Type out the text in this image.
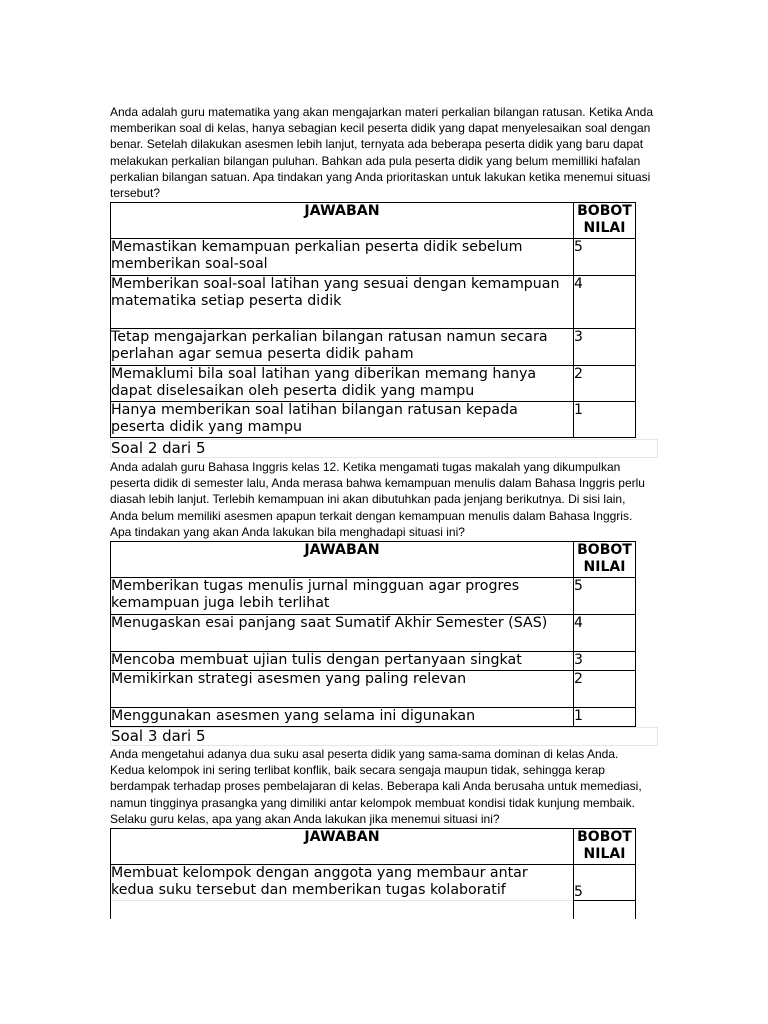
Anda adalah guru matematika yang akan mengajarkan materi perkalian bilangan ratusan. Ketika Anda memberikan soal di kelas, hanya sebagian kecil peserta didik yang dapat menyelesaikan soal dengan benar. Setelah dilakukan asesmen lebih lanjut, ternyata ada beberapa peserta didik yang baru dapat melakukan perkalian bilangan puluhan. Bahkan ada pula peserta didik yang belum memilliki hafalan perkalian bilangan satuan. Apa tindakan yang Anda prioritaskan untuk lakukan ketika menemui situasi tersebut?

JAWABAN	BOBOT NILAI
Memastikan kemampuan perkalian peserta didik sebelum memberikan soal-soal	5
Memberikan soal-soal latihan yang sesuai dengan kemampuan matematika setiap peserta didik	4
Tetap mengajarkan perkalian bilangan ratusan namun secara perlahan agar semua peserta didik paham	3
Memaklumi bila soal latihan yang diberikan memang hanya dapat diselesaikan oleh peserta didik yang mampu	2
Hanya memberikan soal latihan bilangan ratusan kepada peserta didik yang mampu	1
Soal 2 dari 5

Anda adalah guru Bahasa Inggris kelas 12. Ketika mengamati tugas makalah yang dikumpulkan peserta didik di semester lalu, Anda merasa bahwa kemampuan menulis dalam Bahasa Inggris perlu diasah lebih lanjut. Terlebih kemampuan ini akan dibutuhkan pada jenjang berikutnya. Di sisi lain, Anda belum memiliki asesmen apapun terkait dengan kemampuan menulis dalam Bahasa Inggris. Apa tindakan yang akan Anda lakukan bila menghadapi situasi ini?

JAWABAN	BOBOT NILAI
Memberikan tugas menulis jurnal mingguan agar progres kemampuan juga lebih terlihat	5
Menugaskan esai panjang saat Sumatif Akhir Semester (SAS)	4
Mencoba membuat ujian tulis dengan pertanyaan singkat	3
Memikirkan strategi asesmen yang paling relevan	2
Menggunakan asesmen yang selama ini digunakan	1
Soal 3 dari 5

Anda mengetahui adanya dua suku asal peserta didik yang sama-sama dominan di kelas Anda. Kedua kelompok ini sering terlibat konflik, baik secara sengaja maupun tidak, sehingga kerap berdampak terhadap proses pembelajaran di kelas. Beberapa kali Anda berusaha untuk memediasi, namun tingginya prasangka yang dimiliki antar kelompok membuat kondisi tidak kunjung membaik. Selaku guru kelas, apa yang akan Anda lakukan jika menemui situasi ini?

JAWABAN	BOBOT NILAI
Membuat kelompok dengan anggota yang membaur antar kedua suku tersebut dan memberikan tugas kolaboratif	5
